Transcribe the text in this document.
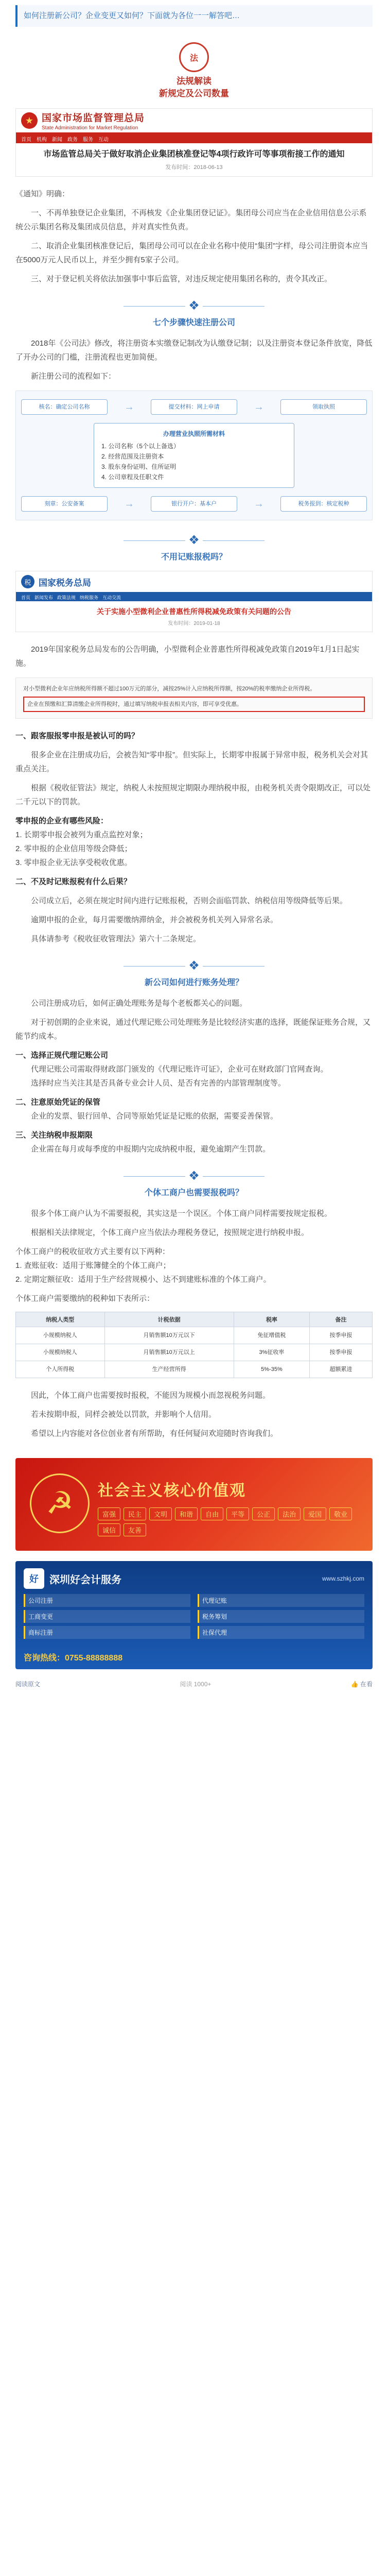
如何注册新公司？企业变更又如何？下面就为各位一一解答吧…
法
法规解读
新规定及公司数量
★ 国家市场监督管理总局
State Administration for Market Regulation
首页 机构 新闻 政务 服务 互动
市场监管总局关于做好取消企业集团核准登记等4项行政许可等事项衔接工作的通知
发布时间：2018-06-13

《通知》明确：

一、不再单独登记企业集团，不再核发《企业集团登记证》。集团母公司应当在企业信用信息公示系统公示集团名称及集团成员信息，并对真实性负责。

二、取消企业集团核准登记后，集团母公司可以在企业名称中使用“集团”字样，母公司注册资本应当在5000万元人民币以上，并至少拥有5家子公司。

三、对于登记机关将依法加强事中事后监管，对违反规定使用集团名称的，责令其改正。

❖
七个步骤快速注册公司

2018年《公司法》修改，将注册资本实缴登记制改为认缴登记制；以及注册资本登记条件放宽，降低了开办公司的门槛，注册流程也更加简便。

新注册公司的流程如下：

核名：确定公司名称	→	提交材料：网上申请	→	领取执照
办理营业执照所需材料
1. 公司名称（5个以上备选）
2. 经营范围及注册资本
3. 股东身份证明、住所证明
4. 公司章程及任职文件
刻章：公安备案	→	银行开户：基本户	→	税务报到：核定税种
❖
不用记账报税吗？
税 国家税务总局
首页 新闻发布 政策法规 纳税服务 互动交流
关于实施小型微利企业普惠性所得税减免政策有关问题的公告
发布时间：2019-01-18

2019年国家税务总局发布的公告明确，小型微利企业普惠性所得税减免政策自2019年1月1日起实施。

对小型微利企业年应纳税所得额不超过100万元的部分，减按25%计入应纳税所得额，按20%的税率缴纳企业所得税。
企业在预缴和汇算清缴企业所得税时，通过填写纳税申报表相关内容，即可享受优惠。

一、跟客服报零申报是被认可的吗？

很多企业在注册成功后，会被告知“零申报”。但实际上，长期零申报属于异常申报，税务机关会对其重点关注。

根据《税收征管法》规定，纳税人未按照规定期限办理纳税申报，由税务机关责令限期改正，可以处二千元以下的罚款。

零申报的企业有哪些风险：

1. 长期零申报会被列为重点监控对象；

2. 零申报的企业信用等级会降低；

3. 零申报企业无法享受税收优惠。

二、不及时记账报税有什么后果？

公司成立后，必须在规定时间内进行记账报税，否则会面临罚款、纳税信用等级降低等后果。

逾期申报的企业，每月需要缴纳滞纳金，并会被税务机关列入异常名录。

具体请参考《税收征收管理法》第六十二条规定。

❖
新公司如何进行账务处理？

公司注册成功后，如何正确处理账务是每个老板都关心的问题。

对于初创期的企业来说，通过代理记账公司处理账务是比较经济实惠的选择，既能保证账务合规，又能节约成本。

一、选择正规代理记账公司

代理记账公司需取得财政部门颁发的《代理记账许可证》，企业可在财政部门官网查询。

选择时应当关注其是否具备专业会计人员、是否有完善的内部管理制度等。

二、注意原始凭证的保管

企业的发票、银行回单、合同等原始凭证是记账的依据，需要妥善保管。

三、关注纳税申报期限

企业需在每月或每季度的申报期内完成纳税申报，避免逾期产生罚款。

❖
个体工商户也需要报税吗？

很多个体工商户认为不需要报税，其实这是一个误区。个体工商户同样需要按规定报税。

根据相关法律规定，个体工商户应当依法办理税务登记，按照规定进行纳税申报。

个体工商户的税收征收方式主要有以下两种：

1. 查账征收：适用于账簿健全的个体工商户；

2. 定期定额征收：适用于生产经营规模小、达不到建账标准的个体工商户。

个体工商户需要缴纳的税种如下表所示：

纳税人类型	计税依据	税率	备注
小规模纳税人	月销售额10万元以下	免征增值税	按季申报
小规模纳税人	月销售额10万元以上	3%征收率	按季申报
个人所得税	生产经营所得	5%-35%	超额累进

因此，个体工商户也需要按时报税，不能因为规模小而忽视税务问题。

若未按期申报，同样会被处以罚款，并影响个人信用。

希望以上内容能对各位创业者有所帮助，有任何疑问欢迎随时咨询我们。

☭	社会主义核心价值观
富强	民主	文明	和谐	自由	平等	公正	法治	爱国	敬业
诚信	友善
好	深圳好会计服务	www.szhkj.com
公司注册	代理记账
工商变更	税务筹划
商标注册	社保代理
咨询热线：0755-88888888
阅读原文	阅读 1000+	👍 在看
